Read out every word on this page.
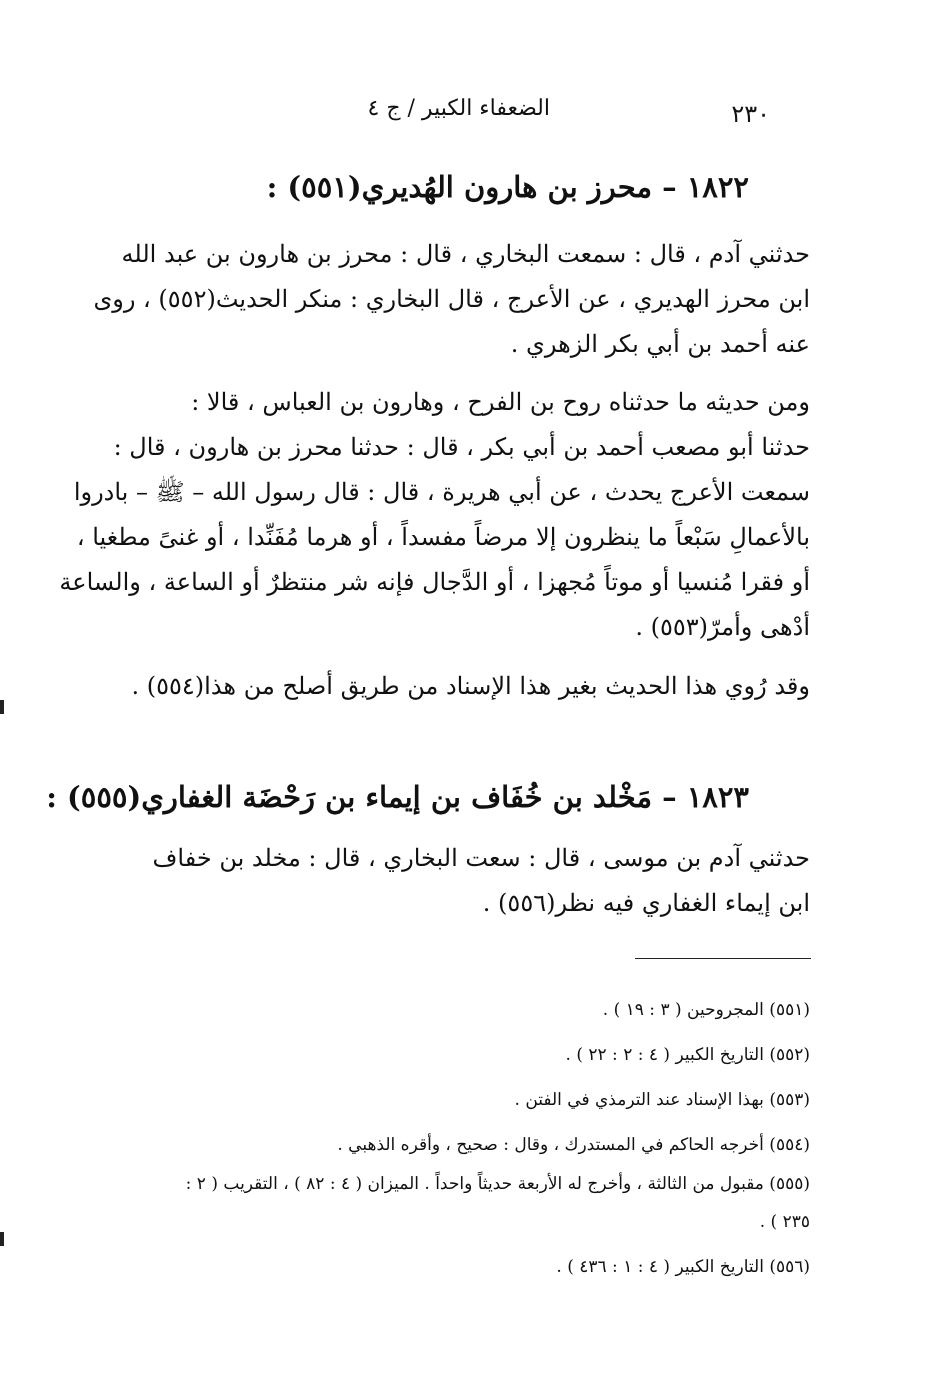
٢٣٠
الضعفاء الكبير / ج ٤
١٨٢٢ – محرز بن هارون الهُديري(٥٥١) :
حدثني آدم ، قال : سمعت البخاري ، قال : محرز بن هارون بن عبد الله
ابن محرز الهديري ، عن الأعرج ، قال البخاري : منكر الحديث(٥٥٢) ، روى
عنه أحمد بن أبي بكر الزهري .
ومن حديثه ما حدثناه روح بن الفرح ، وهارون بن العباس ، قالا :
حدثنا أبو مصعب أحمد بن أبي بكر ، قال : حدثنا محرز بن هارون ، قال :
سمعت الأعرج يحدث ، عن أبي هريرة ، قال : قال رسول الله – ﷺ – بادروا
بالأعمالِ سَبْعاً ما ينظرون إلا مرضاً مفسداً ، أو هرما مُفَنِّدا ، أو غنىً مطغيا ،
أو فقرا مُنسيا أو موتاً مُجهزا ، أو الدَّجال فإنه شر منتظرٌ أو الساعة ، والساعة
أدْهى وأمرّ(٥٥٣) .
وقد رُوي هذا الحديث بغير هذا الإسناد من طريق أصلح من هذا(٥٥٤) .
١٨٢٣ – مَخْلد بن خُفَاف بن إيماء بن رَحْضَة الغفاري(٥٥٥) :
حدثني آدم بن موسى ، قال : سعت البخاري ، قال : مخلد بن خفاف
ابن إيماء الغفاري فيه نظر(٥٥٦) .
(٥٥١) المجروحين ( ٣ : ١٩ ) .
(٥٥٢) التاريخ الكبير ( ٤ : ٢ : ٢٢ ) .
(٥٥٣) بهذا الإسناد عند الترمذي في الفتن .
(٥٥٤) أخرجه الحاكم في المستدرك ، وقال : صحيح ، وأقره الذهبي .
(٥٥٥) مقبول من الثالثة ، وأخرج له الأربعة حديثاً واحداً . الميزان ( ٤ : ٨٢ ) ، التقريب ( ٢ :
٢٣٥ ) .
(٥٥٦) التاريخ الكبير ( ٤ : ١ : ٤٣٦ ) .
